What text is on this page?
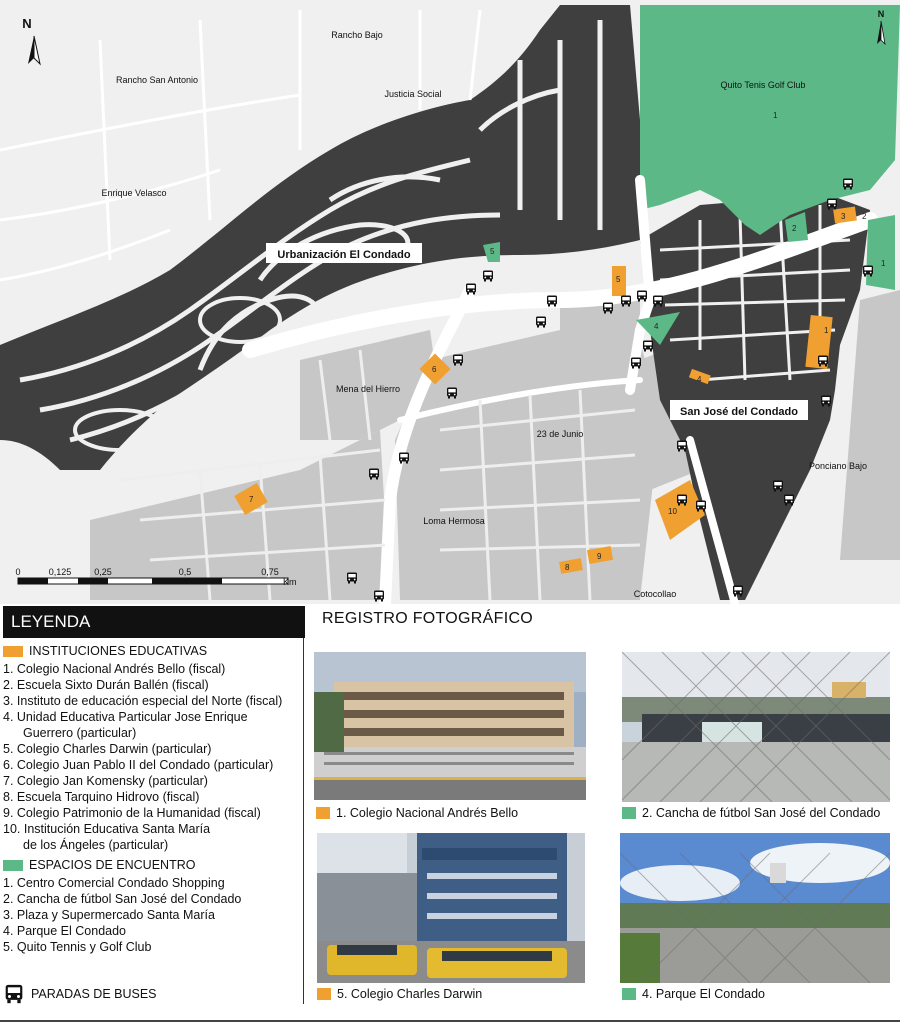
2
3
5
1
4
6
7
8
9
10
1
2
4
5
1
Rancho Bajo
Rancho San Antonio
Justicia Social
Enrique Velasco
Quito Tenis Golf Club
Mena del Hierro
23 de Junio
Ponciano Bajo
Loma Hermosa
Cotocollao
Urbanización El Condado
San José del Condado
N
N
0	0,125	0,25	0,5	0,75
Km
LEYENDA
INSTITUCIONES EDUCATIVAS
1. Colegio Nacional Andrés Bello (fiscal)
2. Escuela Sixto Durán Ballén (fiscal)
3. Instituto de educación especial del Norte (fiscal)
4. Unidad Educativa Particular Jose Enrique
Guerrero (particular)
5. Colegio Charles Darwin (particular)
6. Colegio Juan Pablo II del Condado (particular)
7. Colegio Jan Komensky (particular)
8. Escuela Tarquino Hidrovo (fiscal)
9. Colegio Patrimonio de la Humanidad (fiscal)
10. Institución Educativa Santa María
de los Ángeles (particular)
ESPACIOS DE ENCUENTRO
1. Centro Comercial Condado Shopping
2. Cancha de fútbol San José del Condado
3. Plaza y Supermercado Santa María
4. Parque El Condado
5. Quito Tennis y Golf Club
PARADAS DE BUSES
REGISTRO FOTOGRÁFICO
1. Colegio Nacional Andrés Bello	2. Cancha de fútbol San José del Condado
5. Colegio Charles Darwin	4. Parque El Condado
